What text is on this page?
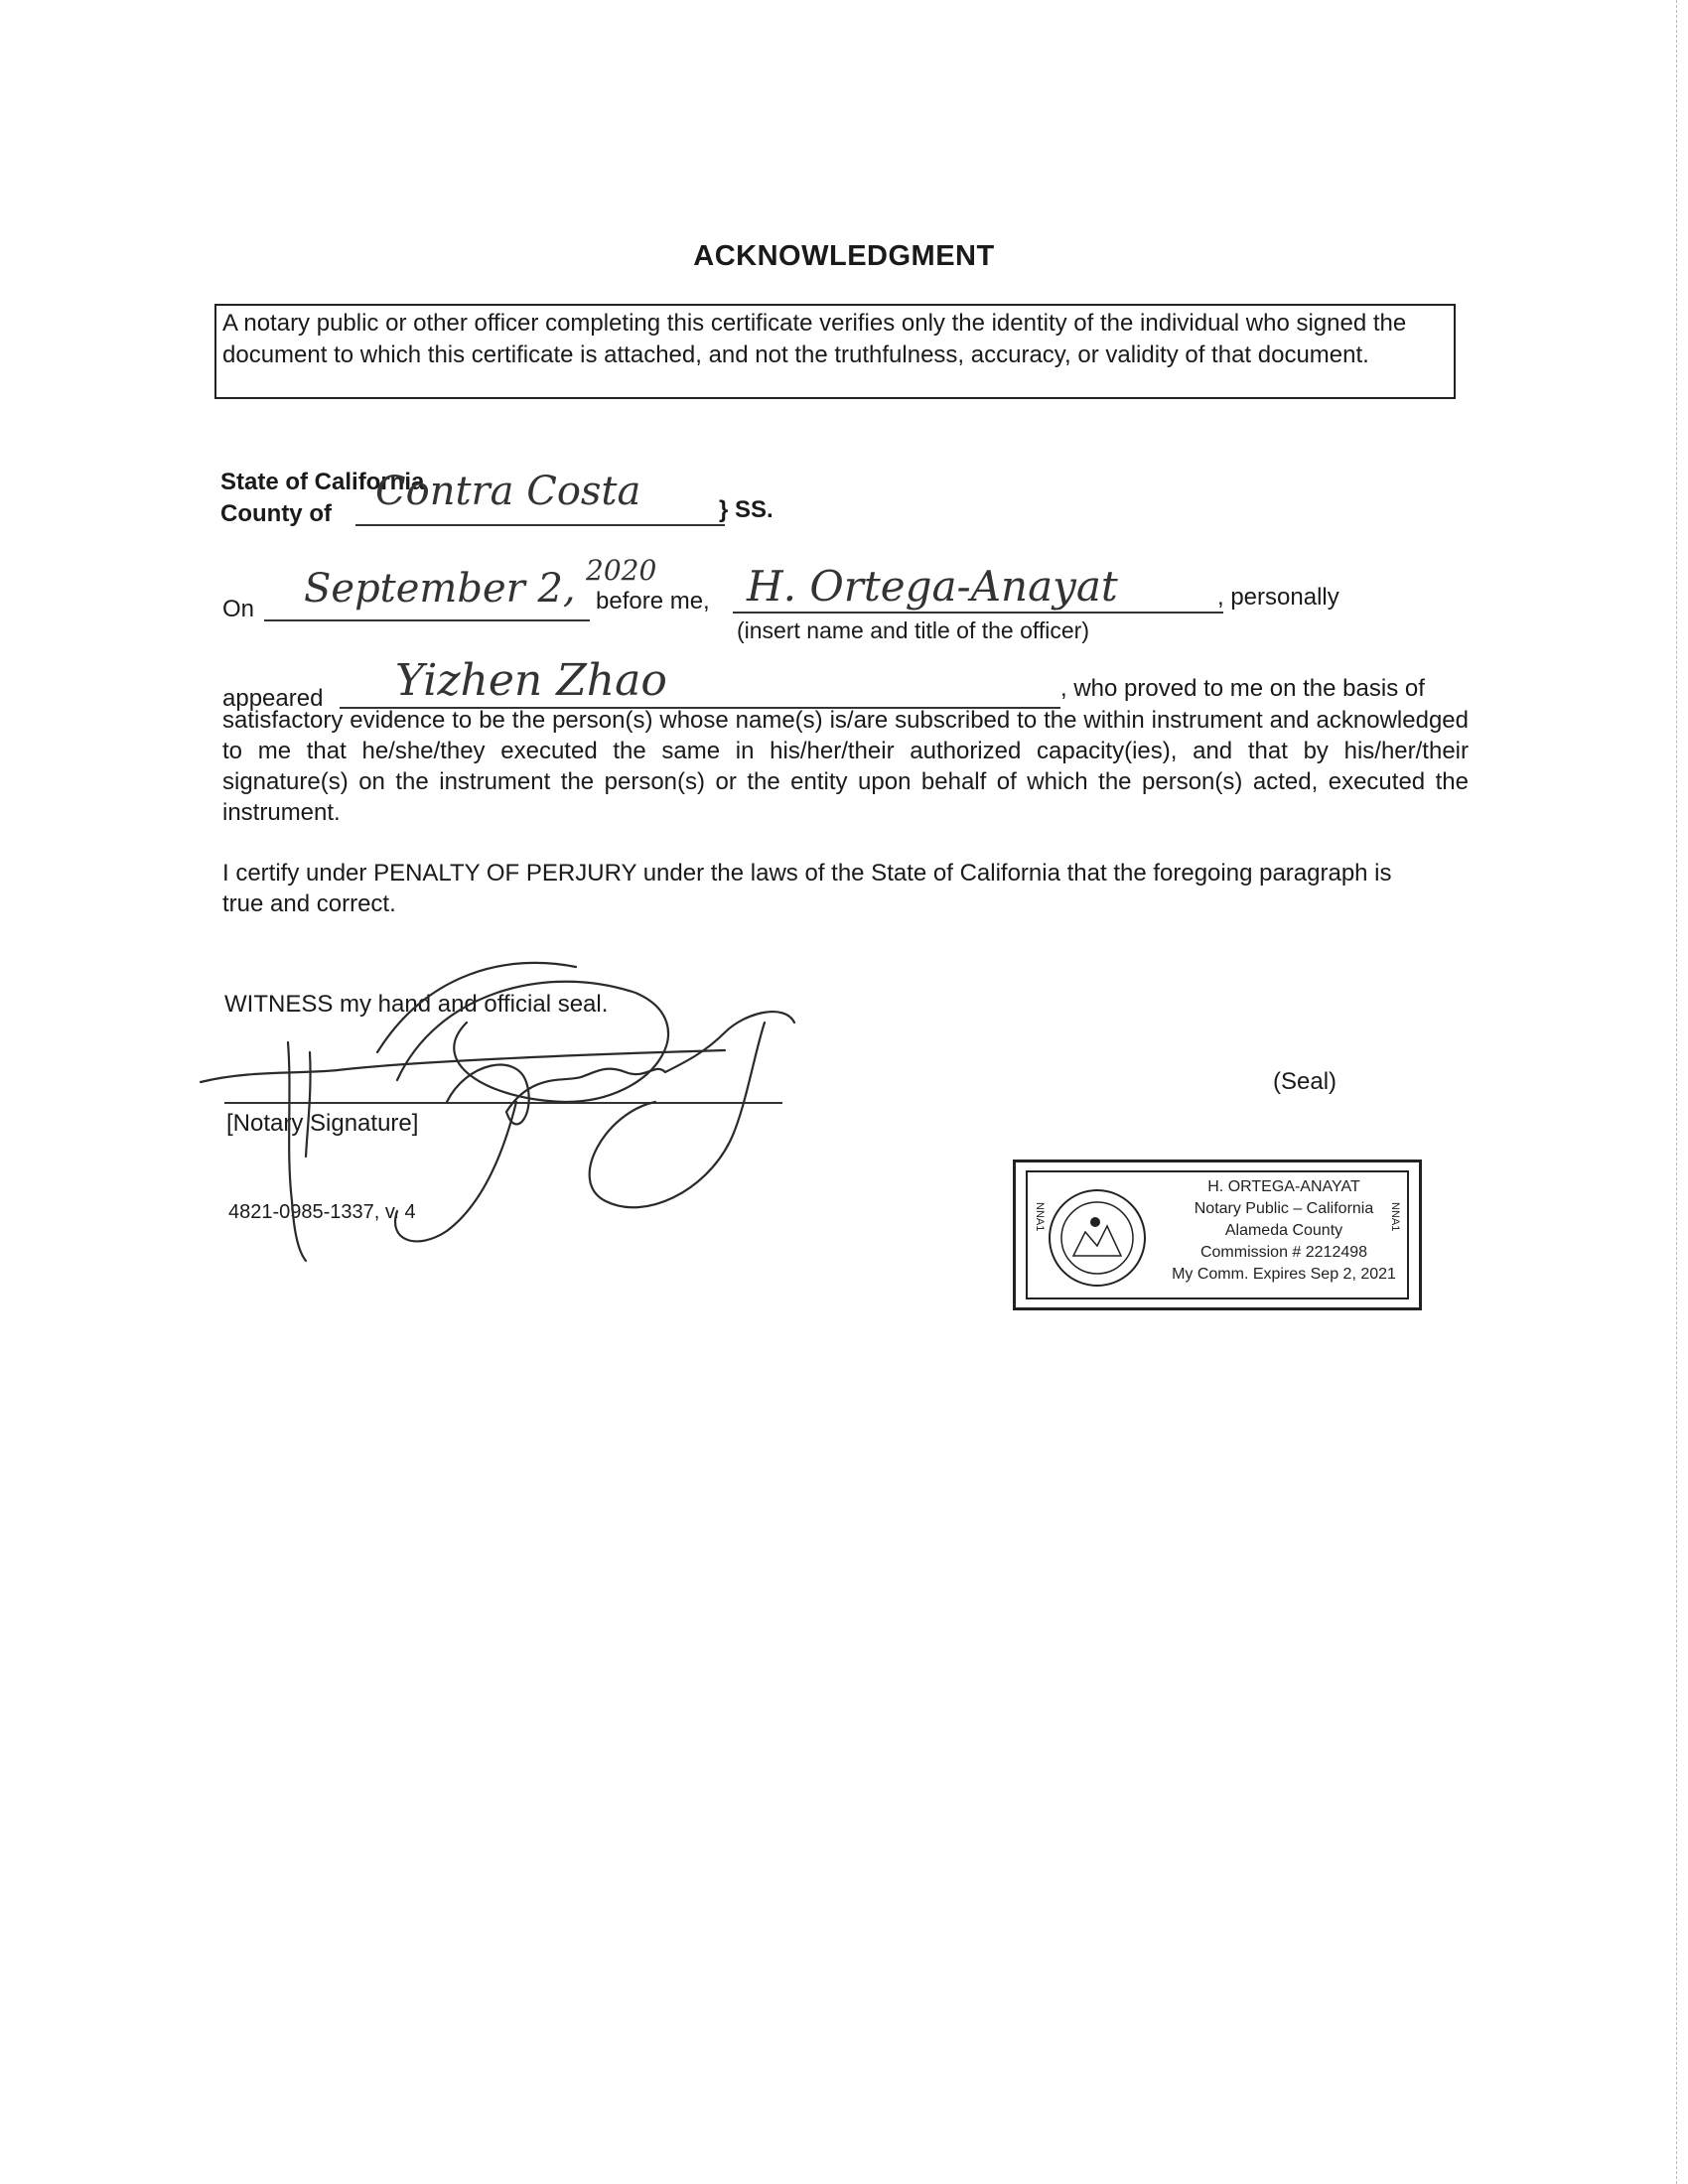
ACKNOWLEDGMENT
A notary public or other officer completing this certificate verifies only the identity of the individual who signed the document to which this certificate is attached, and not the truthfulness, accuracy, or validity of that document.
State of California
County of Contra Costa	} SS.
On September 2, 2020
before me, H. Ortega-Anayat	, personally
(insert name and title of the officer)
appeared Yizhen Zhao	, who proved to me on the basis of
satisfactory evidence to be the person(s) whose name(s) is/are subscribed to the within instrument and acknowledged to me that he/she/they executed the same in his/her/their authorized capacity(ies), and that by his/her/their signature(s) on the instrument the person(s) or the entity upon behalf of which the person(s) acted, executed the instrument.
I certify under PENALTY OF PERJURY under the laws of the State of California that the foregoing paragraph is true and correct.
WITNESS my hand and official seal.
[Notary Signature]
(Seal)
4821-0985-1337, v. 4	NNA1	NNA1
H. ORTEGA-ANAYAT
Notary Public – California
Alameda County
Commission # 2212498
My Comm. Expires Sep 2, 2021
